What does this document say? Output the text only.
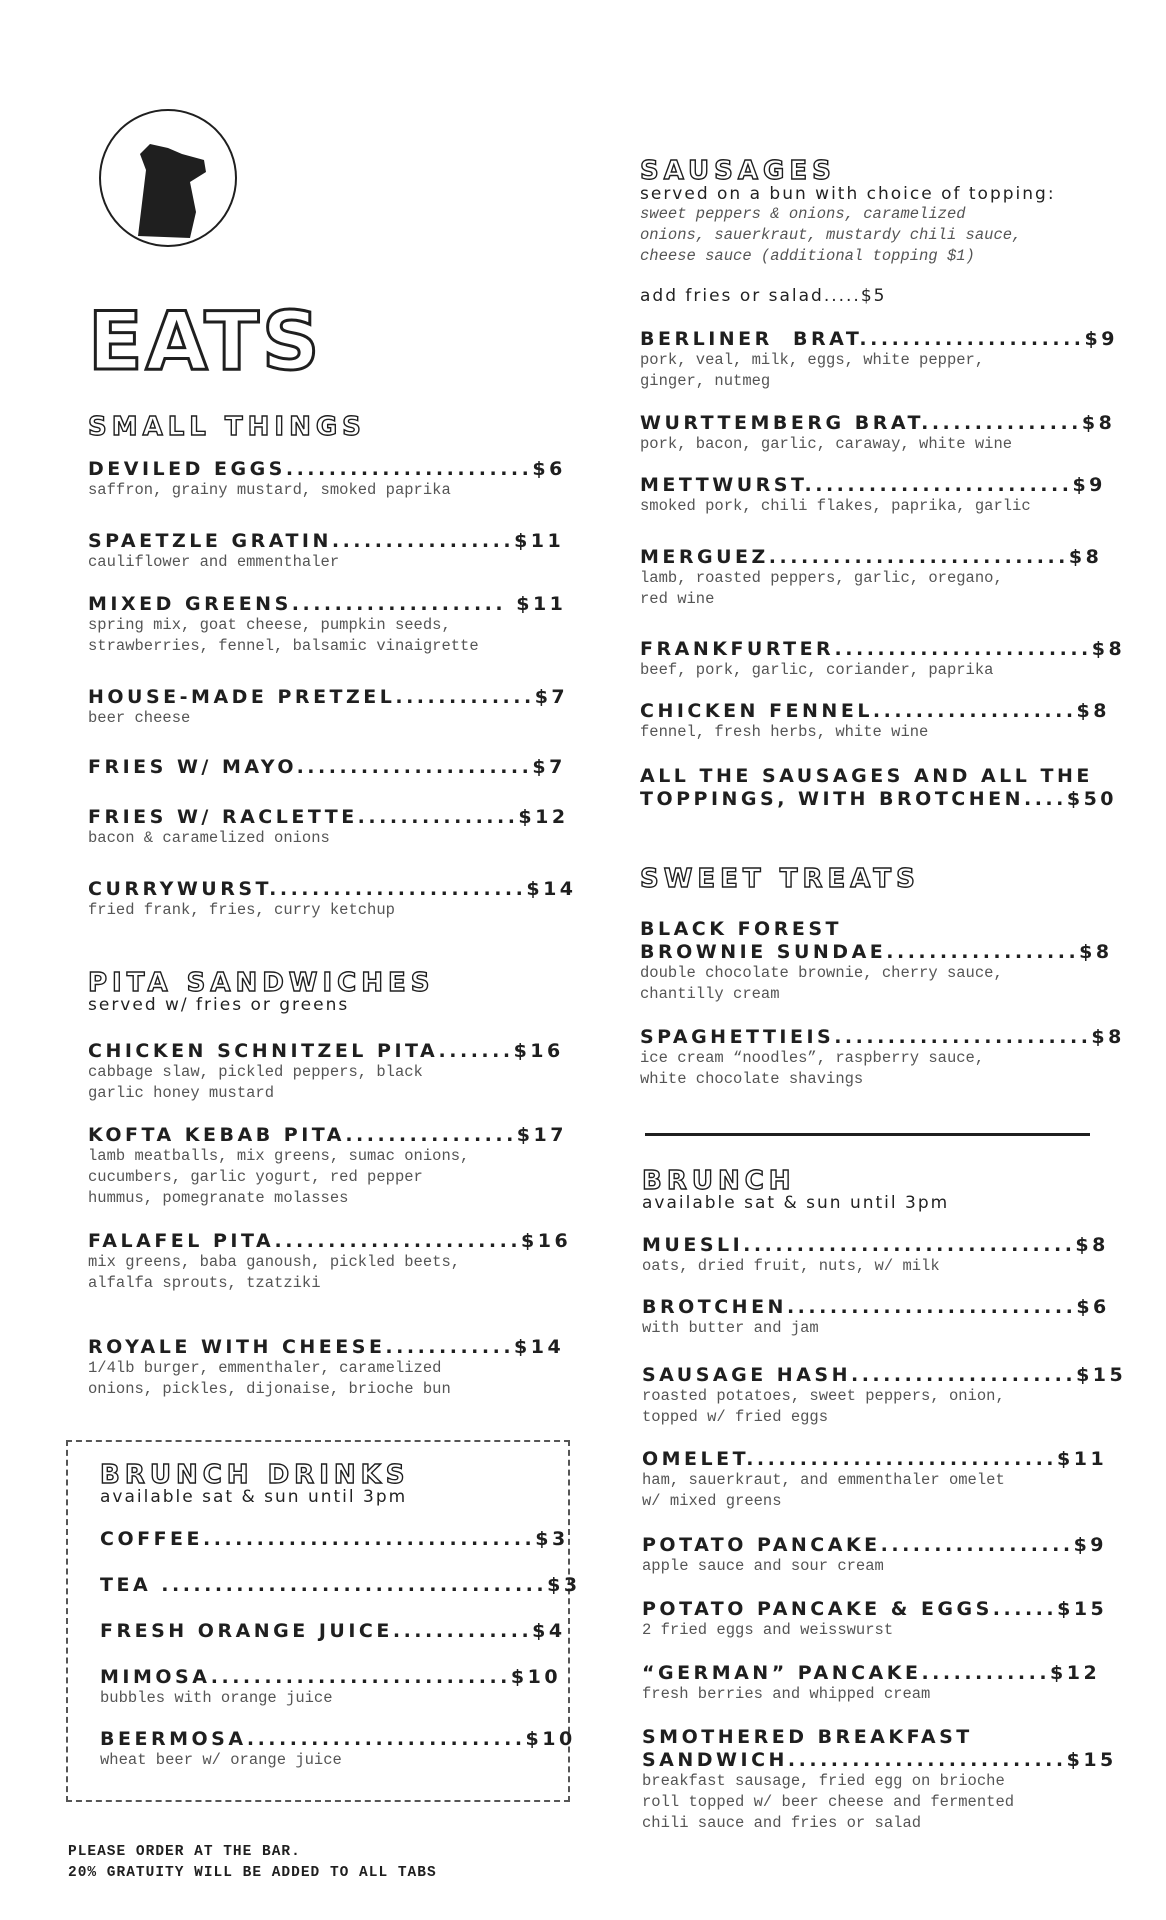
EATS
SMALL THINGS
DEVILED EGGS.......................$6
saffron, grainy mustard, smoked paprika
SPAETZLE GRATIN.................$11
cauliflower and emmenthaler
MIXED GREENS.................... $11
spring mix, goat cheese, pumpkin seeds,
strawberries, fennel, balsamic vinaigrette
HOUSE-MADE PRETZEL.............$7
beer cheese
FRIES W/ MAYO......................$7
FRIES W/ RACLETTE...............$12
bacon & caramelized onions
CURRYWURST........................$14
fried frank, fries, curry ketchup
PITA SANDWICHES
served w/ fries or greens
CHICKEN SCHNITZEL PITA.......$16
cabbage slaw, pickled peppers, black
garlic honey mustard
KOFTA KEBAB PITA................$17
lamb meatballs, mix greens, sumac onions,
cucumbers, garlic yogurt, red pepper
hummus, pomegranate molasses
FALAFEL PITA.......................$16
mix greens, baba ganoush, pickled beets,
alfalfa sprouts, tzatziki
ROYALE WITH CHEESE............$14
1/4lb burger, emmenthaler, caramelized
onions, pickles, dijonaise, brioche bun
BRUNCH DRINKS
available sat & sun until 3pm
COFFEE...............................$3
TEA ....................................$3
FRESH ORANGE JUICE.............$4
MIMOSA............................$10
bubbles with orange juice
BEERMOSA..........................$10
wheat beer w/ orange juice
PLEASE ORDER AT THE BAR.
20% GRATUITY WILL BE ADDED TO ALL TABS
SAUSAGES
served on a bun with choice of topping:
sweet peppers & onions, caramelized
onions, sauerkraut, mustardy chili sauce,
cheese sauce (additional topping $1)
add fries or salad.....$5
BERLINER  BRAT.....................$9
pork, veal, milk, eggs, white pepper,
ginger, nutmeg
WURTTEMBERG BRAT...............$8
pork, bacon, garlic, caraway, white wine
METTWURST.........................$9
smoked pork, chili flakes, paprika, garlic
MERGUEZ............................$8
lamb, roasted peppers, garlic, oregano,
red wine
FRANKFURTER........................$8
beef, pork, garlic, coriander, paprika
CHICKEN FENNEL...................$8
fennel, fresh herbs, white wine
ALL THE SAUSAGES AND ALL THE
TOPPINGS, WITH BROTCHEN....$50
SWEET TREATS
BLACK FOREST
BROWNIE SUNDAE..................$8
double chocolate brownie, cherry sauce,
chantilly cream
SPAGHETTIEIS........................$8
ice cream “noodles”, raspberry sauce,
white chocolate shavings
BRUNCH
available sat & sun until 3pm
MUESLI...............................$8
oats, dried fruit, nuts, w/ milk
BROTCHEN...........................$6
with butter and jam
SAUSAGE HASH.....................$15
roasted potatoes, sweet peppers, onion,
topped w/ fried eggs
OMELET.............................$11
ham, sauerkraut, and emmenthaler omelet
w/ mixed greens
POTATO PANCAKE..................$9
apple sauce and sour cream
POTATO PANCAKE & EGGS......$15
2 fried eggs and weisswurst
“GERMAN” PANCAKE............$12
fresh berries and whipped cream
SMOTHERED BREAKFAST
SANDWICH..........................$15
breakfast sausage, fried egg on brioche
roll topped w/ beer cheese and fermented
chili sauce and fries or salad
